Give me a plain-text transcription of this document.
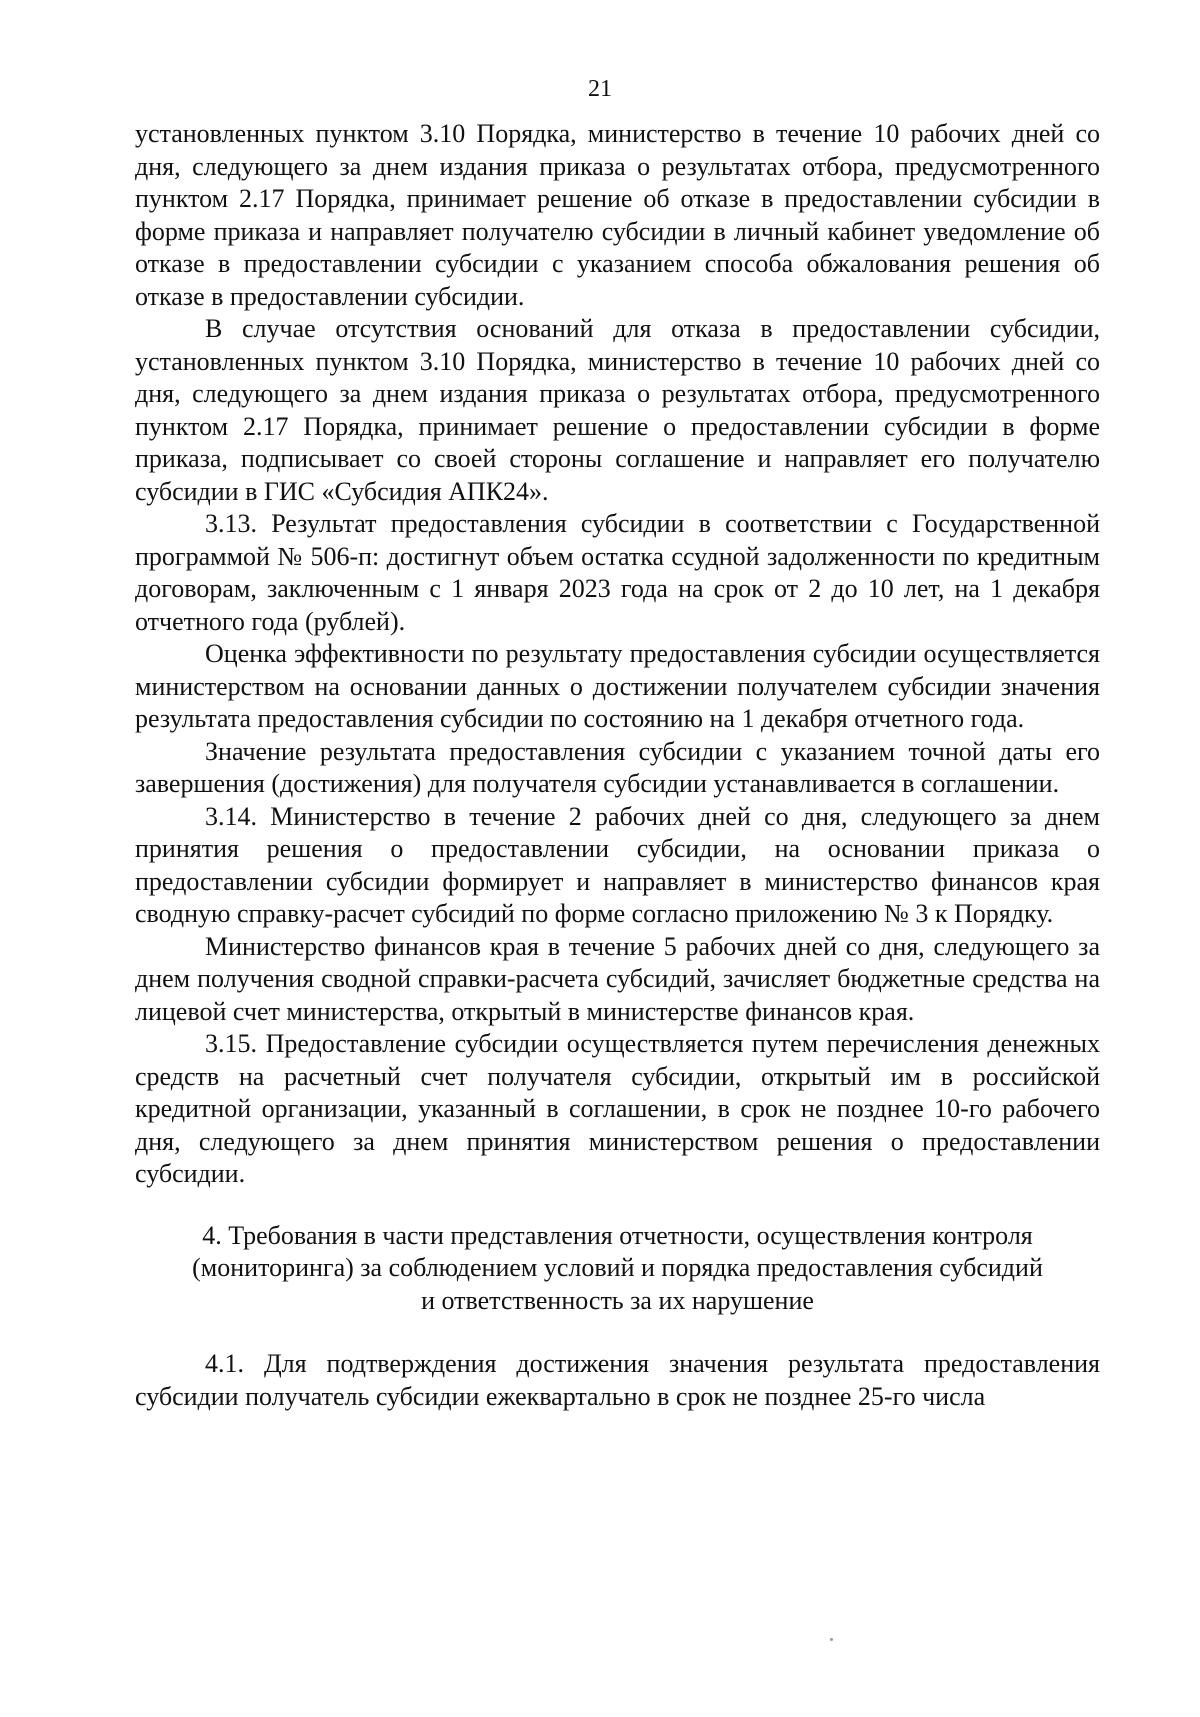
21

установленных пунктом 3.10 Порядка, министерство в течение 10 рабочих дней со дня, следующего за днем издания приказа о результатах отбора, предусмотренного пунктом 2.17 Порядка, принимает решение об отказе в предоставлении субсидии в форме приказа и направляет получателю субсидии в личный кабинет уведомление об отказе в предоставлении субсидии с указанием способа обжалования решения об отказе в предоставлении субсидии.

В случае отсутствия оснований для отказа в предоставлении субсидии, установленных пунктом 3.10 Порядка, министерство в течение 10 рабочих дней со дня, следующего за днем издания приказа о результатах отбора, предусмотренного пунктом 2.17 Порядка, принимает решение о предоставлении субсидии в форме приказа, подписывает со своей стороны соглашение и направляет его получателю субсидии в ГИС «Субсидия АПК24».

3.13. Результат предоставления субсидии в соответствии с Государственной программой № 506-п: достигнут объем остатка ссудной задолженности по кредитным договорам, заключенным с 1 января 2023 года на срок от 2 до 10 лет, на 1 декабря отчетного года (рублей).

Оценка эффективности по результату предоставления субсидии осуществляется министерством на основании данных о достижении получателем субсидии значения результата предоставления субсидии по состоянию на 1 декабря отчетного года.

Значение результата предоставления субсидии с указанием точной даты его завершения (достижения) для получателя субсидии устанавливается в соглашении.

3.14. Министерство в течение 2 рабочих дней со дня, следующего за днем принятия решения о предоставлении субсидии, на основании приказа о предоставлении субсидии формирует и направляет в министерство финансов края сводную справку-расчет субсидий по форме согласно приложению № 3 к Порядку.

Министерство финансов края в течение 5 рабочих дней со дня, следующего за днем получения сводной справки-расчета субсидий, зачисляет бюджетные средства на лицевой счет министерства, открытый в министерстве финансов края.

3.15. Предоставление субсидии осуществляется путем перечисления денежных средств на расчетный счет получателя субсидии, открытый им в российской кредитной организации, указанный в соглашении, в срок не позднее 10-го рабочего дня, следующего за днем принятия министерством решения о предоставлении субсидии.

4. Требования в части представления отчетности, осуществления контроля
(мониторинга) за соблюдением условий и порядка предоставления субсидий
и ответственность за их нарушение

4.1. Для подтверждения достижения значения результата предоставления субсидии получатель субсидии ежеквартально в срок не позднее 25-го числа
